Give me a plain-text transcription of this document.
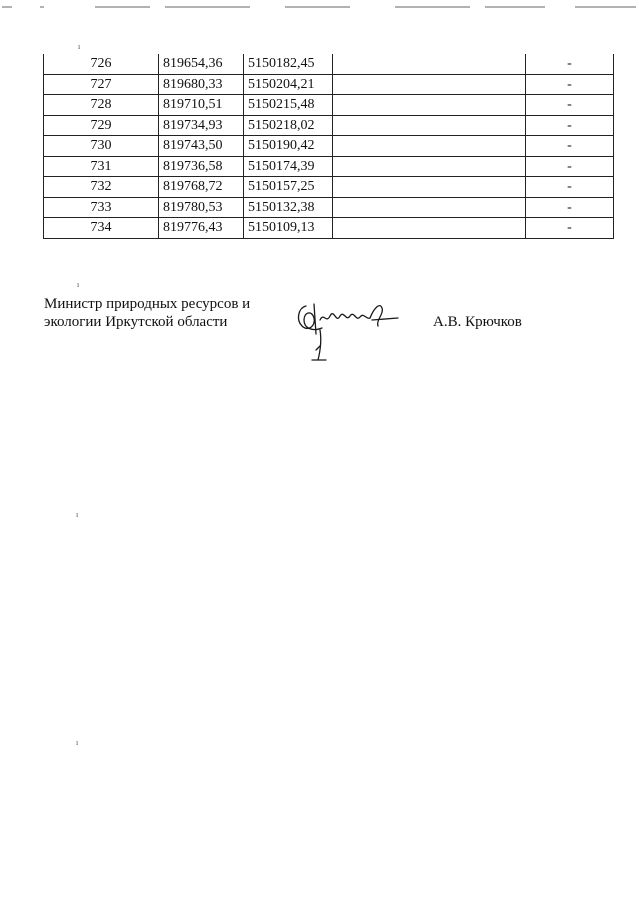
726	819654,36	5150182,45		-
727	819680,33	5150204,21		-
728	819710,51	5150215,48		-
729	819734,93	5150218,02		-
730	819743,50	5150190,42		-
731	819736,58	5150174,39		-
732	819768,72	5150157,25		-
733	819780,53	5150132,38		-
734	819776,43	5150109,13		-
Министр природных ресурсов и экологии Иркутской области	А.В. Крючков
ı
ı
ı
ı
